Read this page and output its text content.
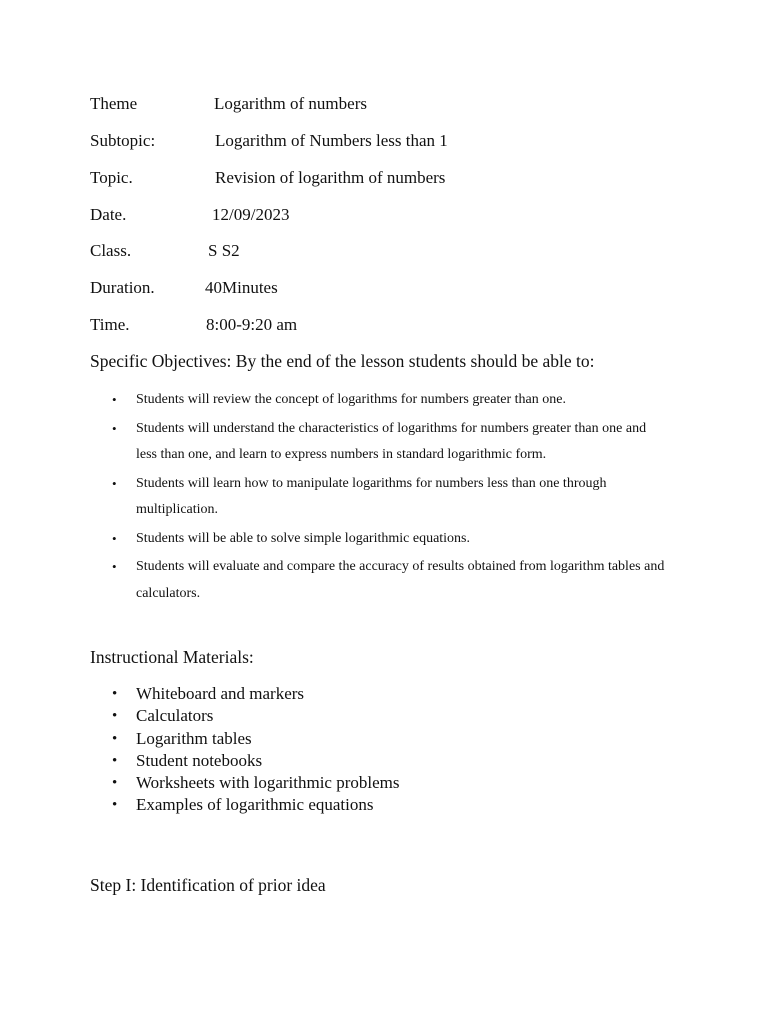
Theme	Logarithm of numbers
Subtopic:	Logarithm of Numbers less than 1
Topic.	Revision of logarithm of numbers
Date.	12/09/2023
Class.	S S2
Duration.	40Minutes
Time.	8:00-9:20 am
Specific Objectives: By the end of the lesson students should be able to:
• Students will review the concept of logarithms for numbers greater than one.
• Students will understand the characteristics of logarithms for numbers greater than one and less than one, and learn to express numbers in standard logarithmic form.
• Students will learn how to manipulate logarithms for numbers less than one through multiplication.
• Students will be able to solve simple logarithmic equations.
• Students will evaluate and compare the accuracy of results obtained from logarithm tables and calculators.
Instructional Materials:
• Whiteboard and markers
• Calculators
• Logarithm tables
• Student notebooks
• Worksheets with logarithmic problems
• Examples of logarithmic equations
Step I: Identification of prior idea
